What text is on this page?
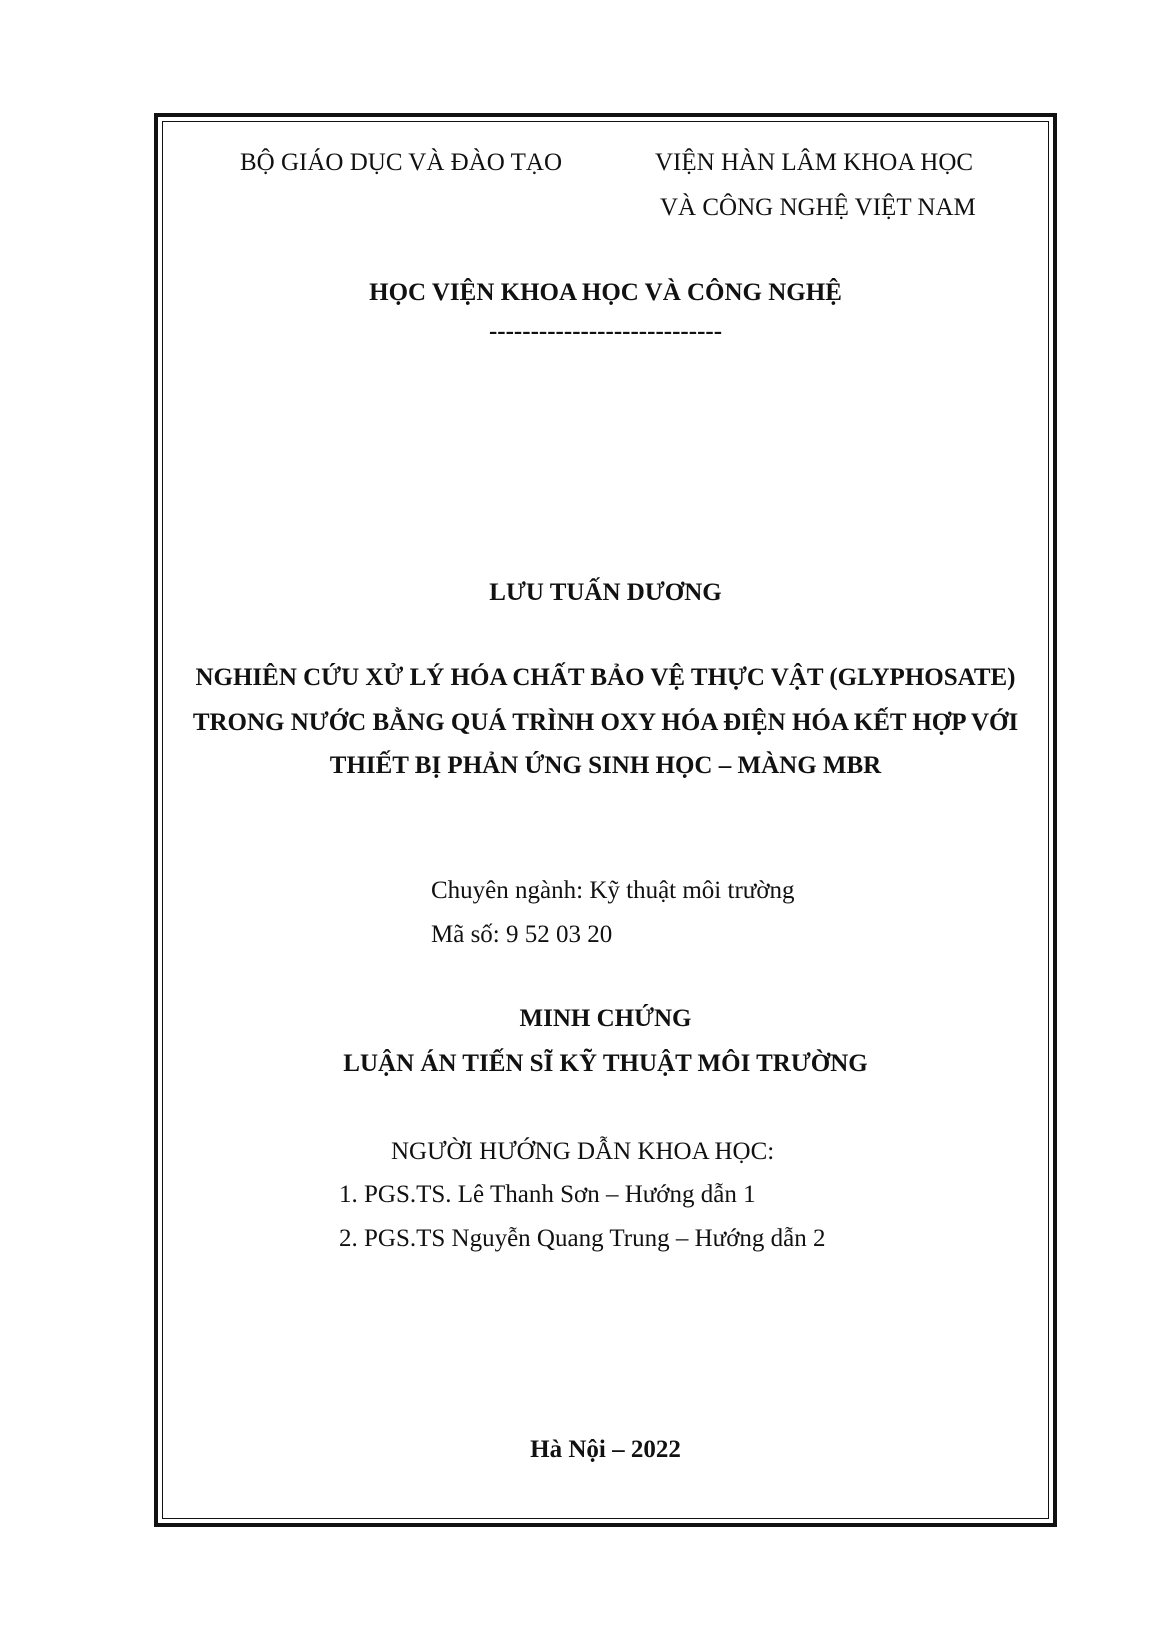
BỘ GIÁO DỤC VÀ ĐÀO TẠO	VIỆN HÀN LÂM KHOA HỌC
VÀ CÔNG NGHỆ VIỆT NAM
HỌC VIỆN KHOA HỌC VÀ CÔNG NGHỆ
----------------------------
LƯU TUẤN DƯƠNG
NGHIÊN CỨU XỬ LÝ HÓA CHẤT BẢO VỆ THỰC VẬT (GLYPHOSATE)
TRONG NƯỚC BẰNG QUÁ TRÌNH OXY HÓA ĐIỆN HÓA KẾT HỢP VỚI
THIẾT BỊ PHẢN ỨNG SINH HỌC – MÀNG MBR
Chuyên ngành: Kỹ thuật môi trường
Mã số: 9 52 03 20
MINH CHỨNG
LUẬN ÁN TIẾN SĨ KỸ THUẬT MÔI TRƯỜNG
NGƯỜI HƯỚNG DẪN KHOA HỌC:
1. PGS.TS. Lê Thanh Sơn – Hướng dẫn 1
2. PGS.TS Nguyễn Quang Trung – Hướng dẫn 2
Hà Nội – 2022
